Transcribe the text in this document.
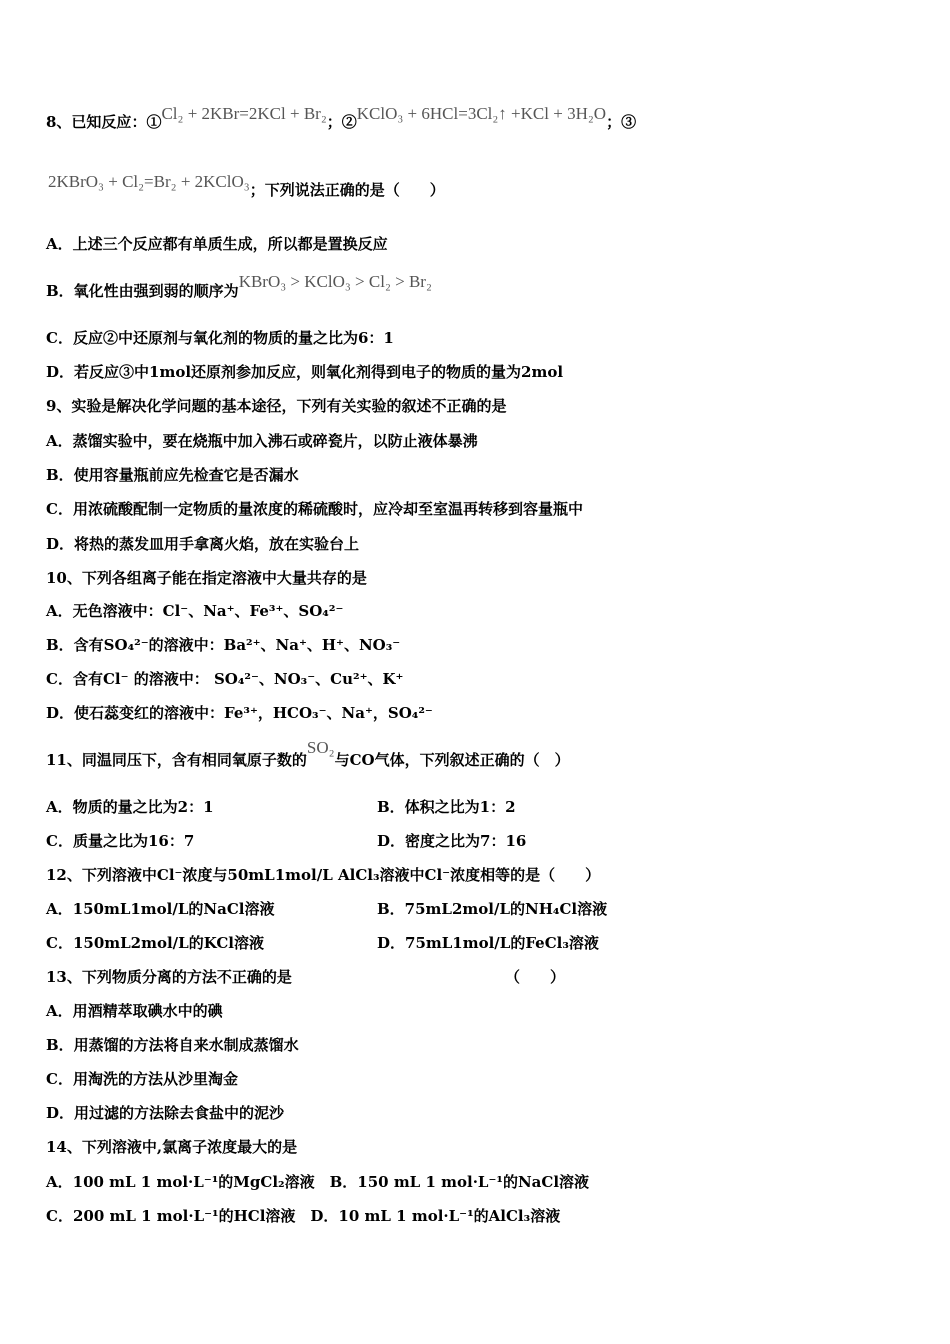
8、已知反应：①Cl₂ + 2KBr=2KCl + Br₂；②KClO₃ + 6HCl=3Cl₂↑ +KCl + 3H₂O；③
2KBrO₃ + Cl₂=Br₂ + 2KClO₃；下列说法正确的是（　　）
A．上述三个反应都有单质生成，所以都是置换反应
B．氧化性由强到弱的顺序为KBrO₃ > KClO₃ > Cl₂ > Br₂
C．反应②中还原剂与氧化剂的物质的量之比为6：1
D．若反应③中1mol还原剂参加反应，则氧化剂得到电子的物质的量为2mol
9、实验是解决化学问题的基本途径，下列有关实验的叙述不正确的是
A．蒸馏实验中，要在烧瓶中加入沸石或碎瓷片，以防止液体暴沸
B．使用容量瓶前应先检查它是否漏水
C．用浓硫酸配制一定物质的量浓度的稀硫酸时，应冷却至室温再转移到容量瓶中
D．将热的蒸发皿用手拿离火焰，放在实验台上
10、下列各组离子能在指定溶液中大量共存的是
A．无色溶液中：Cl⁻、Na⁺、Fe³⁺、SO₄²⁻
B．含有SO₄²⁻的溶液中：Ba²⁺、Na⁺、H⁺、NO₃⁻
C．含有Cl⁻ 的溶液中： SO₄²⁻、NO₃⁻、Cu²⁺、K⁺
D．使石蕊变红的溶液中：Fe³⁺，HCO₃⁻、Na⁺，SO₄²⁻
11、同温同压下，含有相同氧原子数的SO₂与CO气体，下列叙述正确的（　）
A．物质的量之比为2：1	B．体积之比为1：2
C．质量之比为16：7	D．密度之比为7：16
12、下列溶液中Cl⁻浓度与50mL1mol/L AlCl₃溶液中Cl⁻浓度相等的是（　　）
A．150mL1mol/L的NaCl溶液	B．75mL2mol/L的NH₄Cl溶液
C．150mL2mol/L的KCl溶液	D．75mL1mol/L的FeCl₃溶液
13、下列物质分离的方法不正确的是	（　　）
A．用酒精萃取碘水中的碘
B．用蒸馏的方法将自来水制成蒸馏水
C．用淘洗的方法从沙里淘金
D．用过滤的方法除去食盐中的泥沙
14、下列溶液中,氯离子浓度最大的是
A．100 mL 1 mol·L⁻¹的MgCl₂溶液　B．150 mL 1 mol·L⁻¹的NaCl溶液
C．200 mL 1 mol·L⁻¹的HCl溶液　D．10 mL 1 mol·L⁻¹的AlCl₃溶液
